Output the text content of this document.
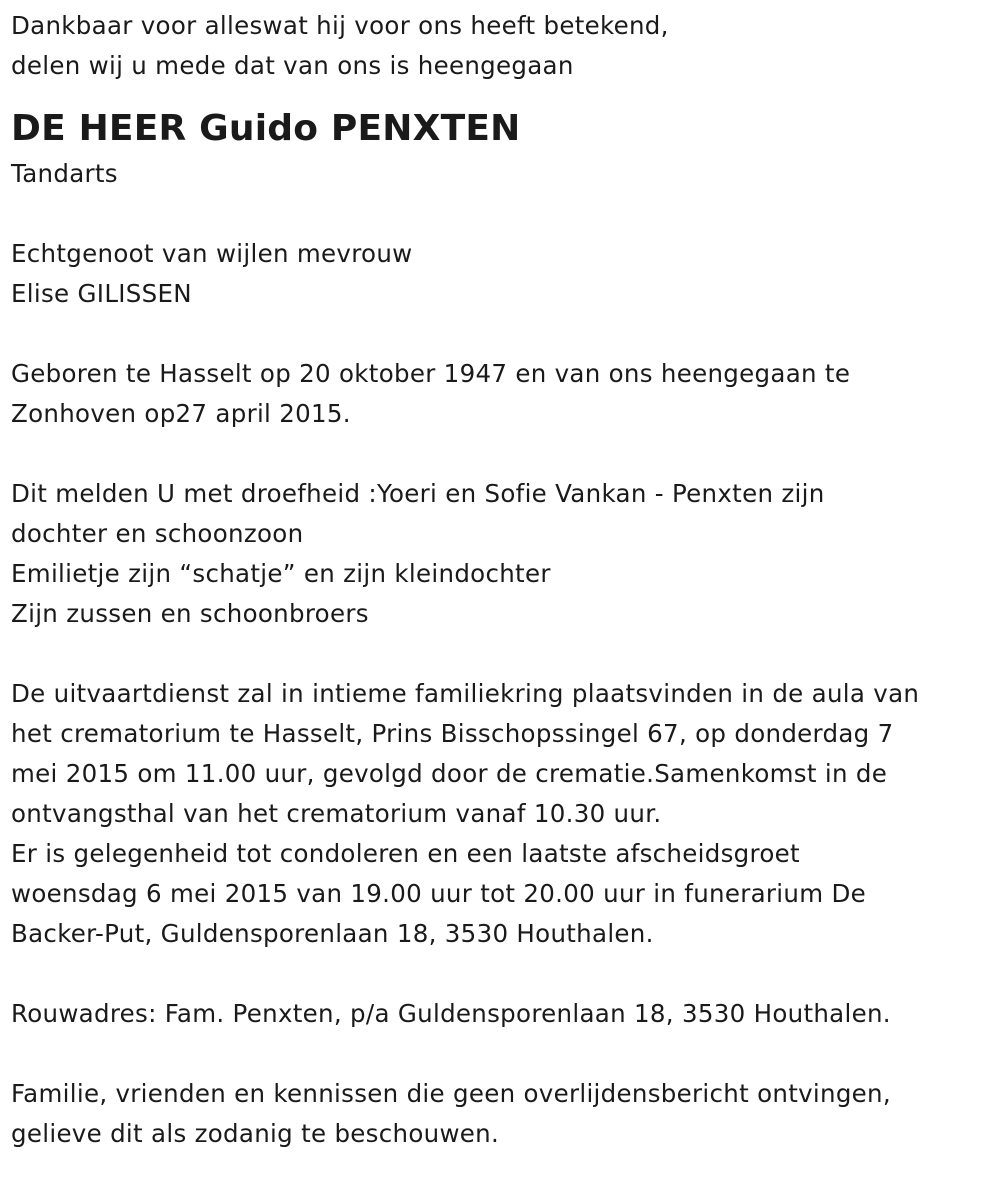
Dankbaar voor alleswat hij voor ons heeft betekend,
delen wij u mede dat van ons is heengegaan
DE HEER Guido PENXTEN
Tandarts
Echtgenoot van wijlen mevrouw
Elise GILISSEN
Geboren te Hasselt op 20 oktober 1947 en van ons heengegaan te
Zonhoven op27 april 2015.
Dit melden U met droefheid :Yoeri en Sofie Vankan - Penxten zijn
dochter en schoonzoon
Emilietje zijn “schatje” en zijn kleindochter
Zijn zussen en schoonbroers
De uitvaartdienst zal in intieme familiekring plaatsvinden in de aula van
het crematorium te Hasselt, Prins Bisschopssingel 67, op donderdag 7
mei 2015 om 11.00 uur, gevolgd door de crematie.Samenkomst in de
ontvangsthal van het crematorium vanaf 10.30 uur.
Er is gelegenheid tot condoleren en een laatste afscheidsgroet
woensdag 6 mei 2015 van 19.00 uur tot 20.00 uur in funerarium De
Backer-Put, Guldensporenlaan 18, 3530 Houthalen.
Rouwadres: Fam. Penxten, p/a Guldensporenlaan 18, 3530 Houthalen.
Familie, vrienden en kennissen die geen overlijdensbericht ontvingen,
gelieve dit als zodanig te beschouwen.
